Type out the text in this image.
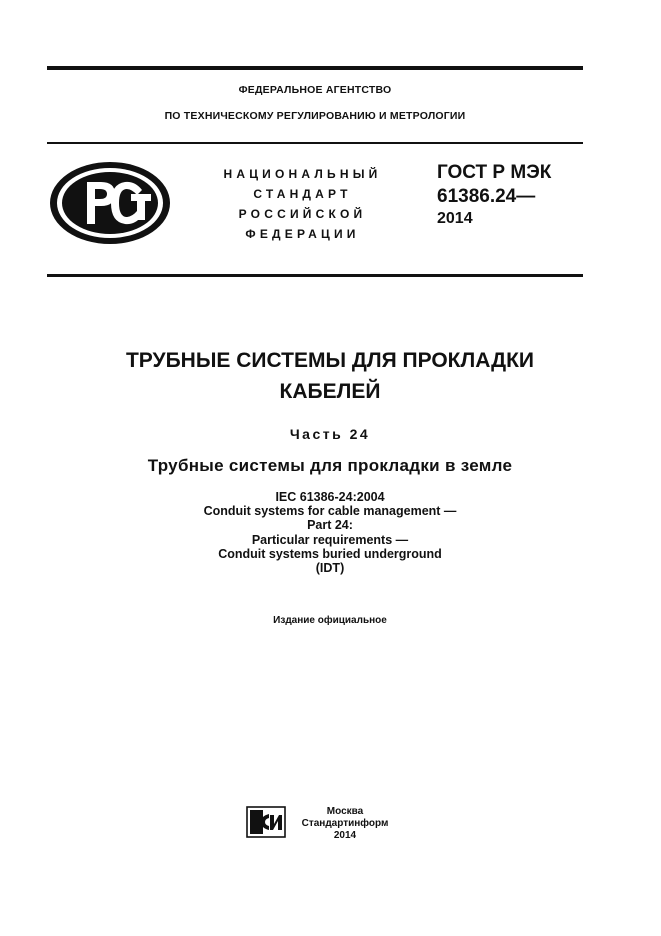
ФЕДЕРАЛЬНОЕ АГЕНТСТВО
ПО ТЕХНИЧЕСКОМУ РЕГУЛИРОВАНИЮ И МЕТРОЛОГИИ
НАЦИОНАЛЬНЫЙ
СТАНДАРТ
РОССИЙСКОЙ
ФЕДЕРАЦИИ
ГОСТ Р МЭК
61386.24—
2014
ТРУБНЫЕ СИСТЕМЫ ДЛЯ ПРОКЛАДКИ
КАБЕЛЕЙ
Часть 24
Трубные системы для прокладки в земле
IEC 61386-24:2004
Conduit systems for cable management —
Part 24:
Particular requirements —
Conduit systems buried underground
(IDT)
Издание официальное
Москва
Стандартинформ
2014
